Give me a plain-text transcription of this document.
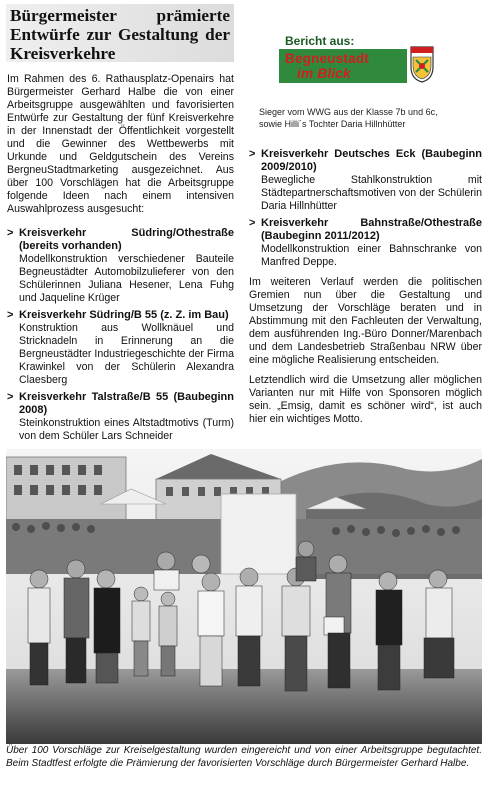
Bürgermeister prämierte Entwürfe zur Gestaltung der Kreisverkehre
Bericht aus:
Begneustadt
im Blick
Sieger vom WWG aus der Klasse 7b und 6c,
sowie Hilli´s Tochter Daria Hillnhütter

Im Rahmen des 6. Rathausplatz-Openairs hat Bürgermeister Gerhard Halbe die von einer Arbeitsgruppe ausgewählten und favorisierten Entwürfe zur Gestaltung der fünf Kreisverkehre in der Innenstadt der Öffentlichkeit vorgestellt und die Gewinner des Wettbewerbs mit Urkunde und Geldgutschein des Vereins BergneuStadtmarketing ausgezeichnet. Aus über 100 Vorschlägen hat die Arbeitsgruppe folgende Ideen nach einem intensiven Auswahlprozess ausgesucht:

> Kreisverkehr Südring/Othestraße (bereits vorhanden)
Modellkonstruktion verschiedener Bauteile Begneustädter Automobilzulieferer von den Schülerinnen Juliana Hesener, Lena Fuhg und Jaqueline Krüger
> Kreisverkehr Südring/B 55 (z. Z. im Bau)
Konstruktion aus Wollknäuel und Stricknadeln in Erinnerung an die Bergneustädter Industriegeschichte der Firma Krawinkel von der Schülerin Alexandra Claesberg
> Kreisverkehr Talstraße/B 55 (Baubeginn 2008)
Steinkonstruktion eines Altstadtmotivs (Turm) von dem Schüler Lars Schneider
> Kreisverkehr Deutsches Eck (Baubeginn 2009/2010)
Bewegliche Stahlkonstruktion mit Städtepartnerschaftsmotiven von der Schülerin Daria Hillnhütter
> Kreisverkehr Bahnstraße/Othestraße (Baubeginn 2011/2012)
Modellkonstruktion einer Bahnschranke von Manfred Deppe.

Im weiteren Verlauf werden die politischen Gremien nun über die Gestaltung und Umsetzung der Vorschläge beraten und in Abstimmung mit den Fachleuten der Verwaltung, dem ausführenden Ing.-Büro Donner/Marenbach und dem Landesbetrieb Straßenbau NRW über eine mögliche Realisierung entscheiden.

Letztendlich wird die Umsetzung aller möglichen Varianten nur mit Hilfe von Sponsoren möglich sein. „Emsig, damit es schöner wird“, ist auch hier ein wichtiges Motto.

Über 100 Vorschläge zur Kreiselgestaltung wurden eingereicht und von einer Arbeitsgruppe begutachtet. Beim Stadtfest erfolgte die Prämierung der favorisierten Vorschläge durch Bürgermeister Gerhard Halbe.
